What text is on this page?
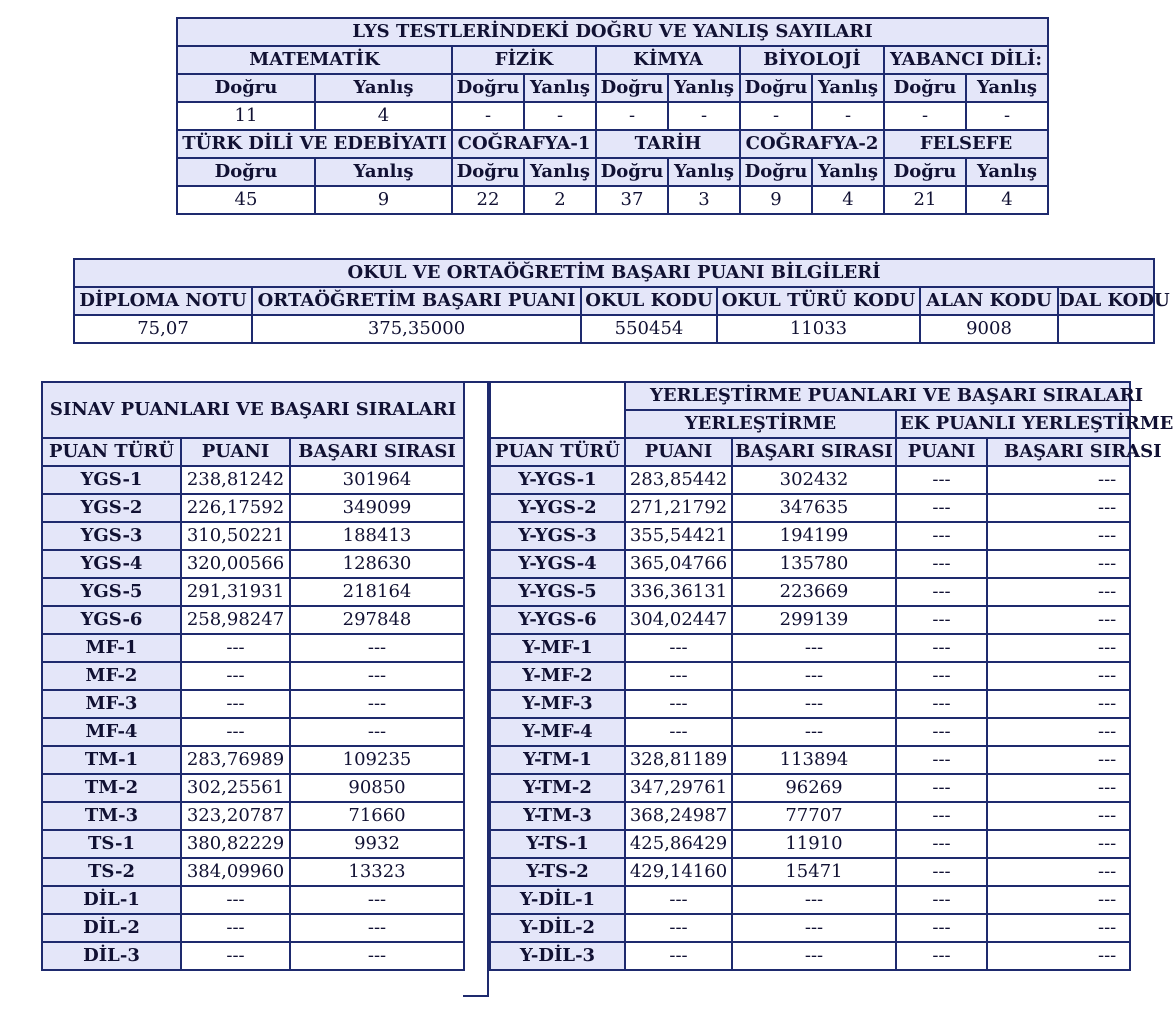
LYS TESTLERİNDEKİ DOĞRU VE YANLIŞ SAYILARI									
MATEMATİK		FİZİK		KİMYA		BİYOLOJİ		YABANCI DİLİ:	
Doğru	Yanlış	Doğru	Yanlış	Doğru	Yanlış	Doğru	Yanlış	Doğru	Yanlış
11	4	-	-	-	-	-	-	-	-
TÜRK DİLİ VE EDEBİYATI		COĞRAFYA-1		TARİH		COĞRAFYA-2		FELSEFE	
Doğru	Yanlış	Doğru	Yanlış	Doğru	Yanlış	Doğru	Yanlış	Doğru	Yanlış
45	9	22	2	37	3	9	4	21	4
OKUL VE ORTAÖĞRETİM BAŞARI PUANI BİLGİLERİ					
DİPLOMA NOTU	ORTAÖĞRETİM BAŞARI PUANI	OKUL KODU	OKUL TÜRÜ KODU	ALAN KODU	DAL KODU
75,07	375,35000	550454	11033	9008	
SINAV PUANLARI VE BAŞARI SIRALARI		

PUAN TÜRÜ	PUANI	BAŞARI SIRASI
YGS-1	238,81242	301964
YGS-2	226,17592	349099
YGS-3	310,50221	188413
YGS-4	320,00566	128630
YGS-5	291,31931	218164
YGS-6	258,98247	297848
MF-1	---	---
MF-2	---	---
MF-3	---	---
MF-4	---	---
TM-1	283,76989	109235
TM-2	302,25561	90850
TM-3	323,20787	71660
TS-1	380,82229	9932
TS-2	384,09960	13323
DİL-1	---	---
DİL-2	---	---
DİL-3	---	---
	YERLEŞTİRME PUANLARI VE BAŞARI SIRALARI			
	YERLEŞTİRME		EK PUANLI YERLEŞTİRME	
PUAN TÜRÜ	PUANI	BAŞARI SIRASI	PUANI	BAŞARI SIRASI
Y-YGS-1	283,85442	302432	---	---
Y-YGS-2	271,21792	347635	---	---
Y-YGS-3	355,54421	194199	---	---
Y-YGS-4	365,04766	135780	---	---
Y-YGS-5	336,36131	223669	---	---
Y-YGS-6	304,02447	299139	---	---
Y-MF-1	---	---	---	---
Y-MF-2	---	---	---	---
Y-MF-3	---	---	---	---
Y-MF-4	---	---	---	---
Y-TM-1	328,81189	113894	---	---
Y-TM-2	347,29761	96269	---	---
Y-TM-3	368,24987	77707	---	---
Y-TS-1	425,86429	11910	---	---
Y-TS-2	429,14160	15471	---	---
Y-DİL-1	---	---	---	---
Y-DİL-2	---	---	---	---
Y-DİL-3	---	---	---	---
